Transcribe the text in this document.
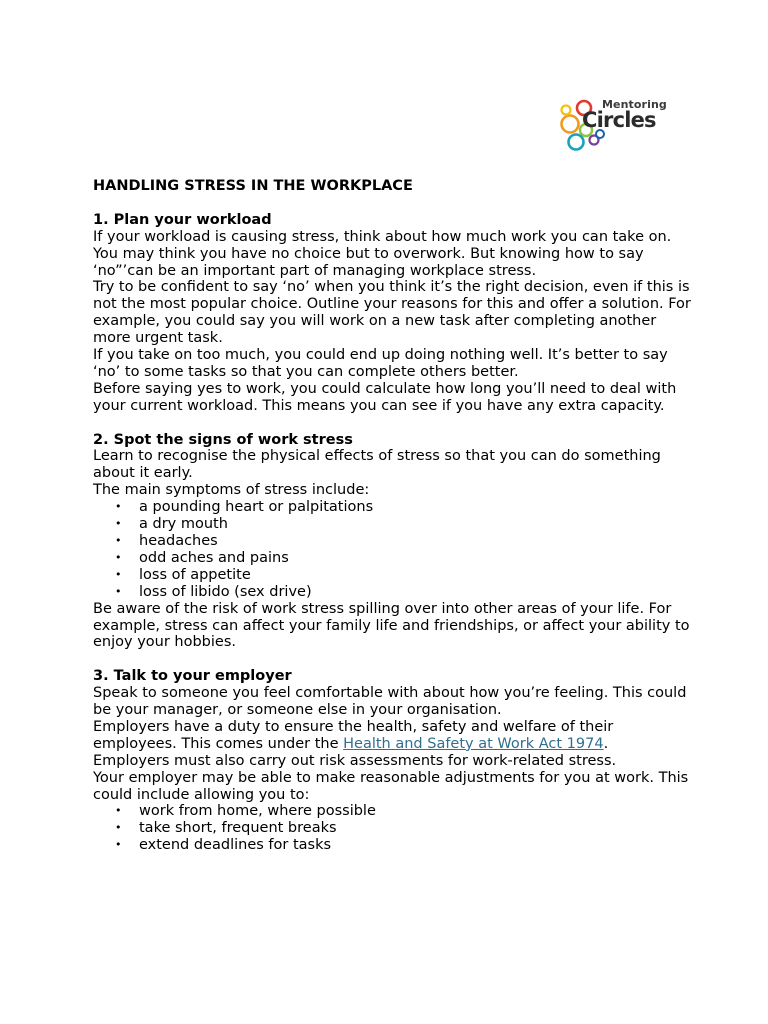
Mentoring
Circles

HANDLING STRESS IN THE WORKPLACE

1. Plan your workload

If your workload is causing stress, think about how much work you can take on.

You may think you have no choice but to overwork. But knowing how to say ‘no”’can be an important part of managing workplace stress.

Try to be confident to say ‘no’ when you think it’s the right decision, even if this is not the most popular choice. Outline your reasons for this and offer a solution. For example, you could say you will work on a new task after completing another more urgent task.

If you take on too much, you could end up doing nothing well. It’s better to say ‘no’ to some tasks so that you can complete others better.

Before saying yes to work, you could calculate how long you’ll need to deal with your current workload. This means you can see if you have any extra capacity.

2. Spot the signs of work stress

Learn to recognise the physical effects of stress so that you can do something about it early.

The main symptoms of stress include:

• a pounding heart or palpitations
• a dry mouth
• headaches
• odd aches and pains
• loss of appetite
• loss of libido (sex drive)

Be aware of the risk of work stress spilling over into other areas of your life. For example, stress can affect your family life and friendships, or affect your ability to enjoy your hobbies.

3. Talk to your employer

Speak to someone you feel comfortable with about how you’re feeling. This could be your manager, or someone else in your organisation.

Employers have a duty to ensure the health, safety and welfare of their employees. This comes under the Health and Safety at Work Act 1974.

Employers must also carry out risk assessments for work-related stress.

Your employer may be able to make reasonable adjustments for you at work. This could include allowing you to:

• work from home, where possible
• take short, frequent breaks
• extend deadlines for tasks
